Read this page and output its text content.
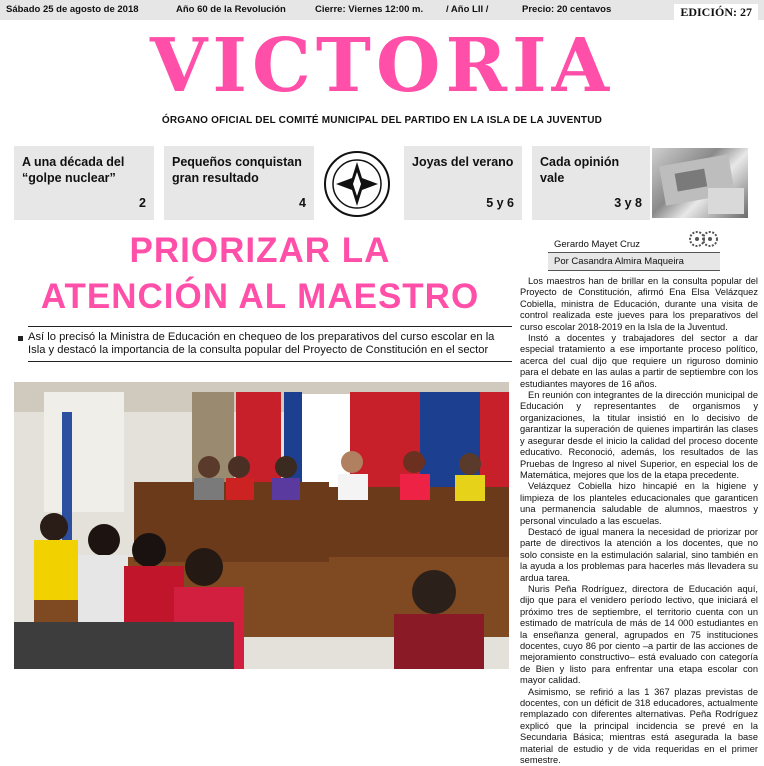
Sábado 25 de agosto de 2018	Año 60 de la Revolución	Cierre: Viernes 12:00 m. / Año LII /	Precio: 20 centavos	EDICIÓN: 27
VICTORIA
ÓRGANO OFICIAL DEL COMITÉ MUNICIPAL DEL PARTIDO EN LA ISLA DE LA JUVENTUD
A una década del “golpe nuclear”
2
Pequeños conquistan gran resultado
4
Joyas del verano
5 y 6
Cada opinión vale
3 y 8
PRIORIZAR LA
ATENCIÓN AL MAESTRO
Así lo precisó la Ministra de Educación en chequeo de los preparativos del curso escolar en la Isla y destacó la importancia de la consulta popular del Proyecto de Constitución en el sector
Gerardo Mayet Cruz
Por Casandra Almira Maqueira

Los maestros han de brillar en la consulta popular del Proyecto de Constitución, afirmó Ena Elsa Velázquez Cobiella, ministra de Educación, durante una visita de control realizada este jueves para los preparativos del curso escolar 2018-2019 en la Isla de la Juventud.

Instó a docentes y trabajadores del sector a dar especial tratamiento a ese importante proceso político, acerca del cual dijo que requiere un riguroso dominio para el debate en las aulas a partir de septiembre con los estudiantes mayores de 16 años.

En reunión con integrantes de la dirección municipal de Educación y representantes de organismos y organizaciones, la titular insistió en lo decisivo de garantizar la superación de quienes impartirán las clases y asegurar desde el inicio la calidad del proceso docente educativo. Reconoció, además, los resultados de las Pruebas de Ingreso al nivel Superior, en especial los de Matemática, mejores que los de la etapa precedente.

Velázquez Cobiella hizo hincapié en la higiene y limpieza de los planteles educacionales que garanticen una permanencia saludable de alumnos, maestros y personal vinculado a las escuelas.

Destacó de igual manera la necesidad de priorizar por parte de directivos la atención a los docentes, que no solo consiste en la estimulación salarial, sino también en la ayuda a los problemas para hacerles más llevadera su ardua tarea.

Nuris Peña Rodríguez, directora de Educación aquí, dijo que para el venidero período lectivo, que iniciará el próximo tres de septiembre, el territorio cuenta con un estimado de matrícula de más de 14 000 estudiantes en la enseñanza general, agrupados en 75 instituciones docentes, cuyo 86 por ciento –a partir de las acciones de mejoramiento constructivo– está evaluado con categoría de Bien y listo para enfrentar una etapa escolar con mayor calidad.

Asimismo, se refirió a las 1 367 plazas previstas de docentes, con un déficit de 318 educadores, actualmente remplazado con diferentes alternativas. Peña Rodríguez explicó que la principal incidencia se prevé en la Secundaria Básica; mientras está asegurada la base material de estudio y de vida requeridas en el primer semestre.
